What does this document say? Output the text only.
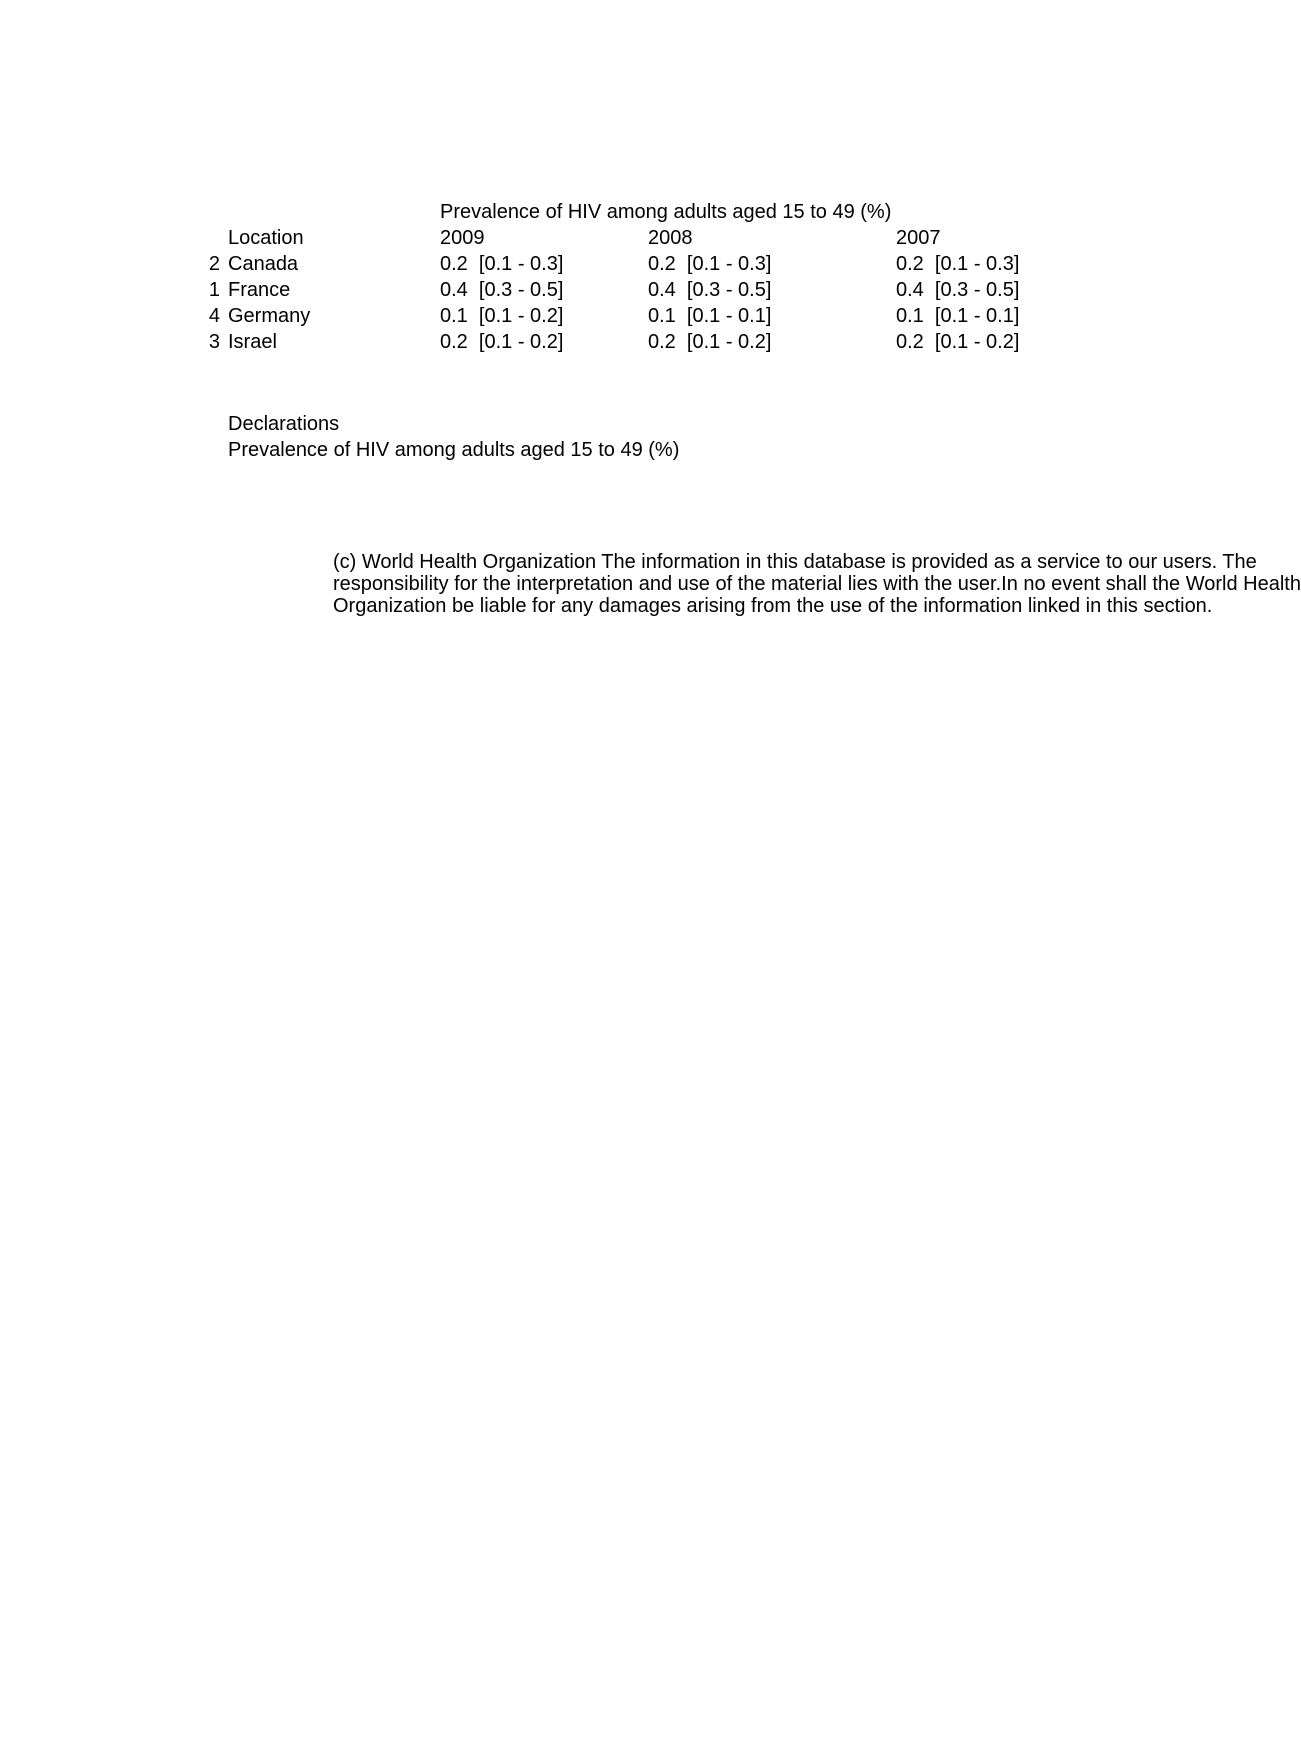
Prevalence of HIV among adults aged 15 to 49 (%)
Location	2009	2008	2007
2 Canada	0.2  [0.1 - 0.3]	0.2  [0.1 - 0.3]	0.2  [0.1 - 0.3]
1 France	0.4  [0.3 - 0.5]	0.4  [0.3 - 0.5]	0.4  [0.3 - 0.5]
4 Germany	0.1  [0.1 - 0.2]	0.1  [0.1 - 0.1]	0.1  [0.1 - 0.1]
3 Israel	0.2  [0.1 - 0.2]	0.2  [0.1 - 0.2]	0.2  [0.1 - 0.2]
Declarations
Prevalence of HIV among adults aged 15 to 49 (%)
(c) World Health Organization The information in this database is provided as a service to our users. The
responsibility for the interpretation and use of the material lies with the user.In no event shall the World Health
Organization be liable for any damages arising from the use of the information linked in this section.
